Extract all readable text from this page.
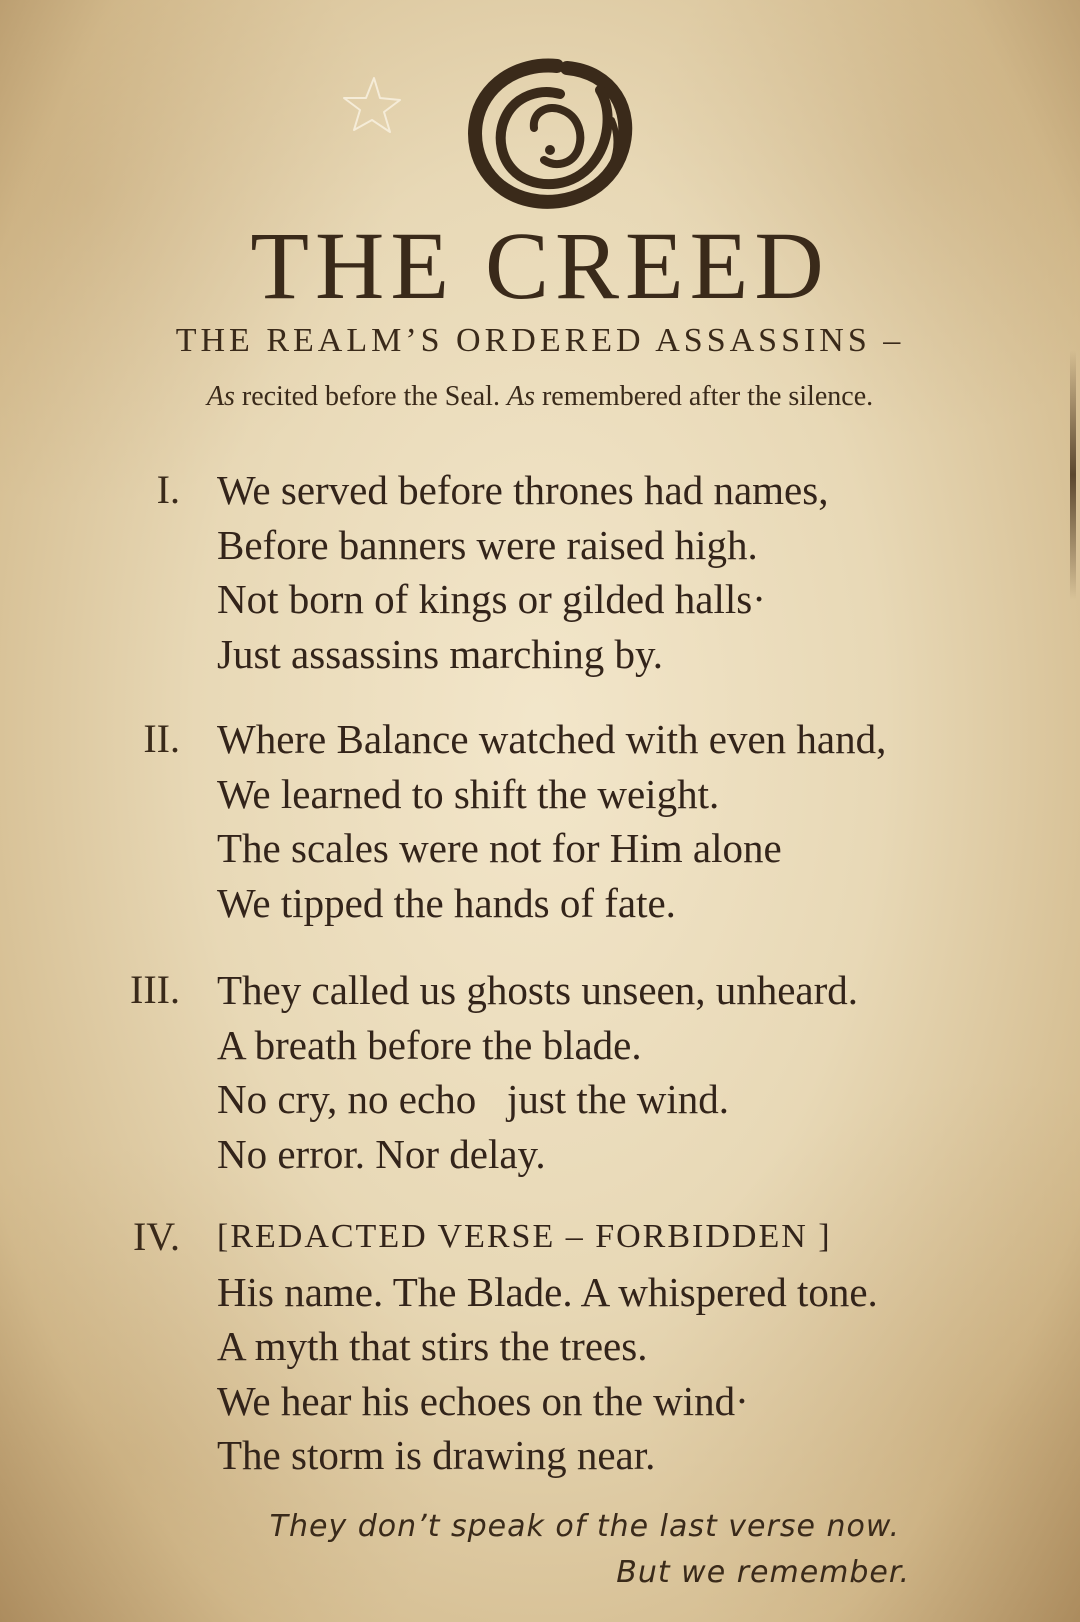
THE CREED
THE REALM’S ORDERED ASSASSINS –
As recited before the Seal. As remembered after the silence.
I. We served before thrones had names,
Before banners were raised high.
Not born of kings or gilded halls·
Just assassins marching by.
II. Where Balance watched with even hand,
We learned to shift the weight.
The scales were not for Him alone
We tipped the hands of fate.
III. They called us ghosts unseen, unheard.
A breath before the blade.
No cry, no echo   just the wind.
No error. Nor delay.
IV. [REDACTED VERSE – FORBIDDEN ]
His name. The Blade. A whispered tone.
A myth that stirs the trees.
We hear his echoes on the wind·
The storm is drawing near.
They don’t speak of the last verse now.
But we remember.
